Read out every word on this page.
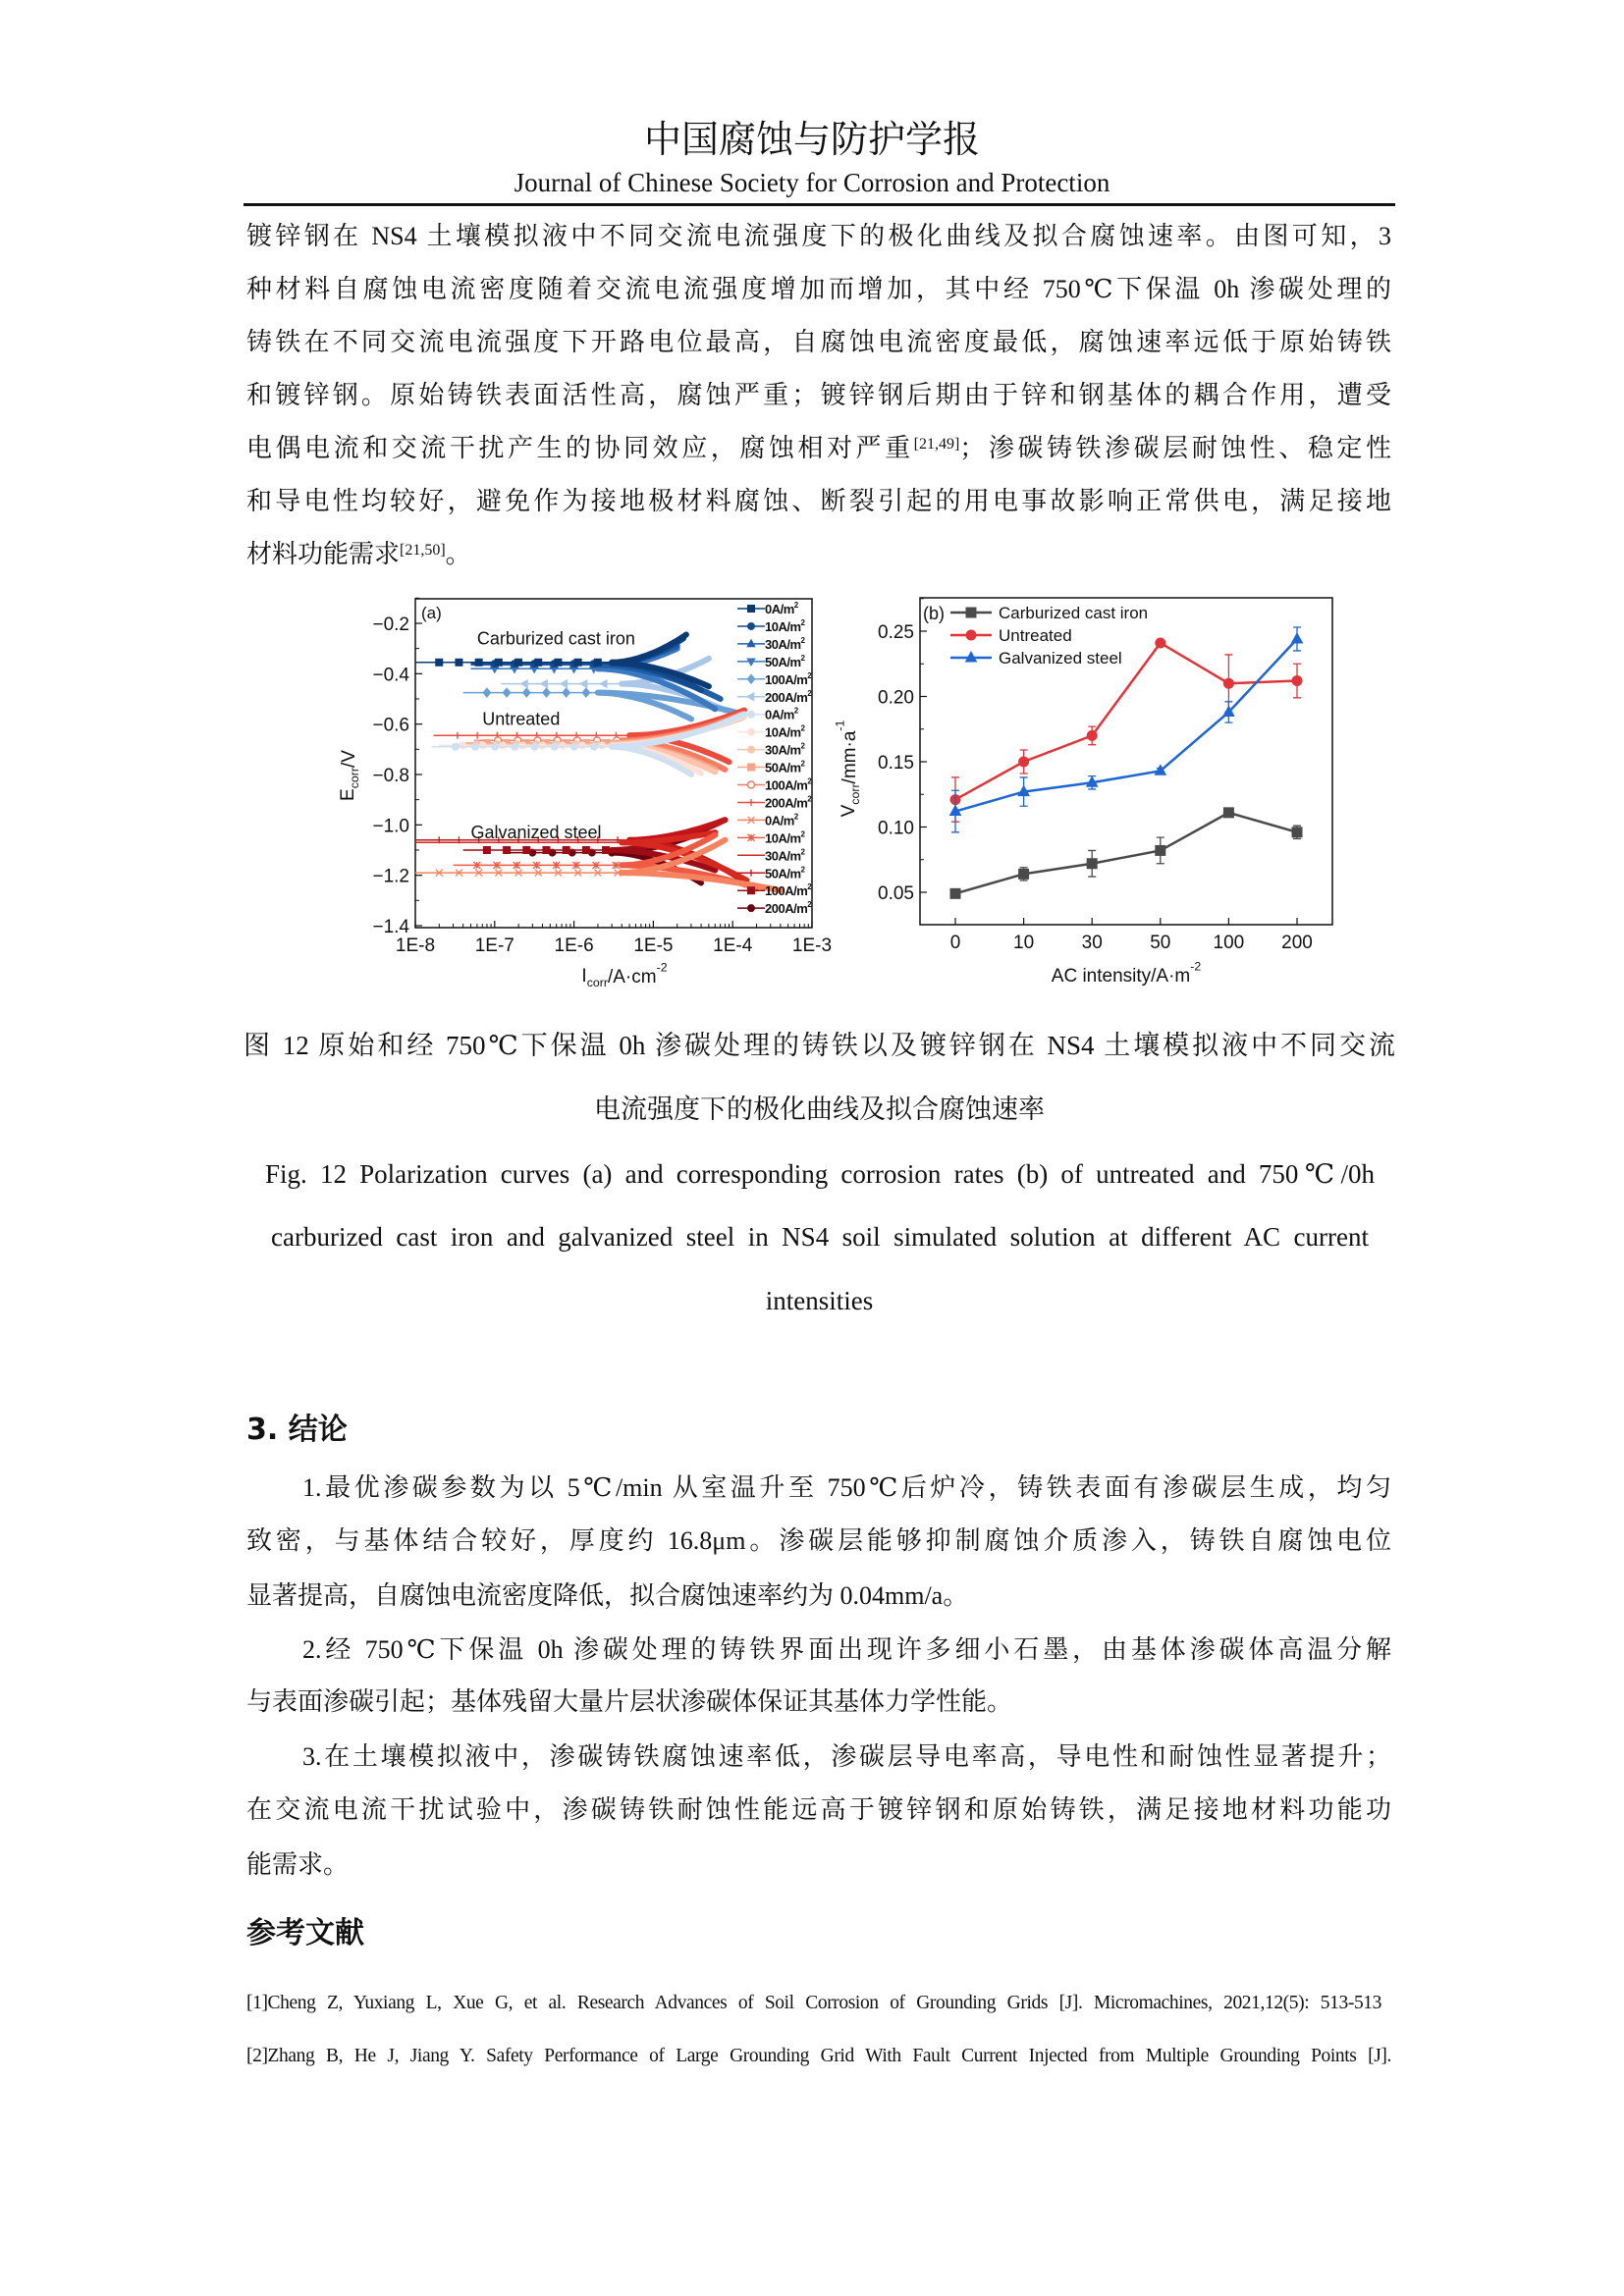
中国腐蚀与防护学报
Journal of Chinese Society for Corrosion and Protection
镀锌钢在 NS4 土壤模拟液中不同交流电流强度下的极化曲线及拟合腐蚀速率。由图可知，3
种材料自腐蚀电流密度随着交流电流强度增加而增加，其中经 750℃下保温 0h 渗碳处理的
铸铁在不同交流电流强度下开路电位最高，自腐蚀电流密度最低，腐蚀速率远低于原始铸铁
和镀锌钢。原始铸铁表面活性高，腐蚀严重；镀锌钢后期由于锌和钢基体的耦合作用，遭受
电偶电流和交流干扰产生的协同效应，腐蚀相对严重[21,49]；渗碳铸铁渗碳层耐蚀性、稳定性
和导电性均较好，避免作为接地极材料腐蚀、断裂引起的用电事故影响正常供电，满足接地
材料功能需求[21,50]。
1E-8 1E-7 1E-6 1E-5 1E-4 1E-3
−0.2
−0.4
−0.6
−0.8
−1.0
−1.2
−1.4
$E_{corr}/V$
$I_{corr}/A\cdot cm^{-2}$
(a)
Carburized cast iron
$0A/m^2$
$10A/m^2$
$30A/m^2$
$50A/m^2$
$100A/m^2$
$200A/m^2$
Untreated	$0A/m^2$
$10A/m^2$
$30A/m^2$
$50A/m^2$
$100A/m^2$
$200A/m^2$
Galvanized steel
$0A/m^2$
$10A/m^2$
$30A/m^2$
$50A/m^2$
$100A/m^2$
$200A/m^2$
0	10	30	50 100 200
0.05
0.10
0.15
0.20
0.25
$V_{corr}/mm\cdot a^{-1}$
AC intensity/$A\cdot m^{-2}$
(b)	Carburized cast iron
Untreated
Galvanized steel
图 12 原始和经 750℃下保温 0h 渗碳处理的铸铁以及镀锌钢在 NS4 土壤模拟液中不同交流
电流强度下的极化曲线及拟合腐蚀速率
Fig. 12 Polarization curves (a) and corresponding corrosion rates (b) of untreated and 750℃/0h
carburized cast iron and galvanized steel in NS4 soil simulated solution at different AC current
intensities
3. 结论
1.最优渗碳参数为以 5℃/min 从室温升至 750℃后炉冷，铸铁表面有渗碳层生成，均匀
致密，与基体结合较好，厚度约 16.8μm。渗碳层能够抑制腐蚀介质渗入，铸铁自腐蚀电位
显著提高，自腐蚀电流密度降低，拟合腐蚀速率约为 0.04mm/a。
2.经 750℃下保温 0h 渗碳处理的铸铁界面出现许多细小石墨，由基体渗碳体高温分解
与表面渗碳引起；基体残留大量片层状渗碳体保证其基体力学性能。
3.在土壤模拟液中，渗碳铸铁腐蚀速率低，渗碳层导电率高，导电性和耐蚀性显著提升；
在交流电流干扰试验中，渗碳铸铁耐蚀性能远高于镀锌钢和原始铸铁，满足接地材料功能功
能需求。
参考文献
[1]Cheng Z, Yuxiang L, Xue G, et al. Research Advances of Soil Corrosion of Grounding Grids [J]. Micromachines, 2021,12(5): 513-513
[2]Zhang B, He J, Jiang Y. Safety Performance of Large Grounding Grid With Fault Current Injected from Multiple Grounding Points [J].
